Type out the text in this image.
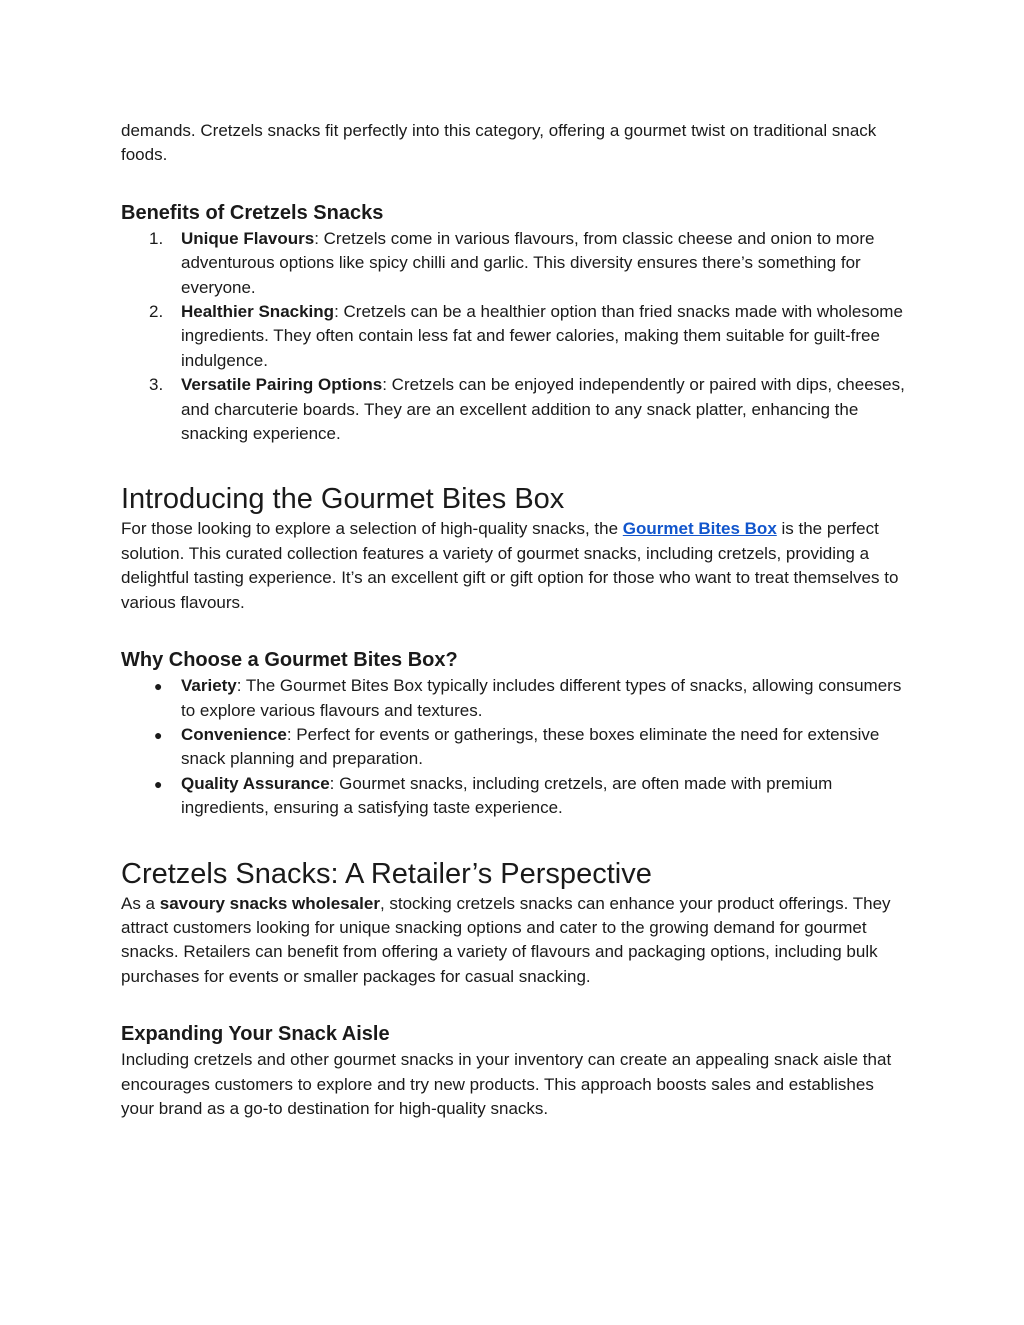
demands. Cretzels snacks fit perfectly into this category, offering a gourmet twist on traditional snack foods.

Benefits of Cretzels Snacks
1. Unique Flavours: Cretzels come in various flavours, from classic cheese and onion to more adventurous options like spicy chilli and garlic. This diversity ensures there’s something for everyone.
2. Healthier Snacking: Cretzels can be a healthier option than fried snacks made with wholesome ingredients. They often contain less fat and fewer calories, making them suitable for guilt-free indulgence.
3. Versatile Pairing Options: Cretzels can be enjoyed independently or paired with dips, cheeses, and charcuterie boards. They are an excellent addition to any snack platter, enhancing the snacking experience.
Introducing the Gourmet Bites Box

For those looking to explore a selection of high-quality snacks, the Gourmet Bites Box is the perfect solution. This curated collection features a variety of gourmet snacks, including cretzels, providing a delightful tasting experience. It’s an excellent gift or gift option for those who want to treat themselves to various flavours.

Why Choose a Gourmet Bites Box?
● Variety: The Gourmet Bites Box typically includes different types of snacks, allowing consumers to explore various flavours and textures.
● Convenience: Perfect for events or gatherings, these boxes eliminate the need for extensive snack planning and preparation.
● Quality Assurance: Gourmet snacks, including cretzels, are often made with premium ingredients, ensuring a satisfying taste experience.
Cretzels Snacks: A Retailer’s Perspective

As a savoury snacks wholesaler, stocking cretzels snacks can enhance your product offerings. They attract customers looking for unique snacking options and cater to the growing demand for gourmet snacks. Retailers can benefit from offering a variety of flavours and packaging options, including bulk purchases for events or smaller packages for casual snacking.

Expanding Your Snack Aisle

Including cretzels and other gourmet snacks in your inventory can create an appealing snack aisle that encourages customers to explore and try new products. This approach boosts sales and establishes your brand as a go-to destination for high-quality snacks.
